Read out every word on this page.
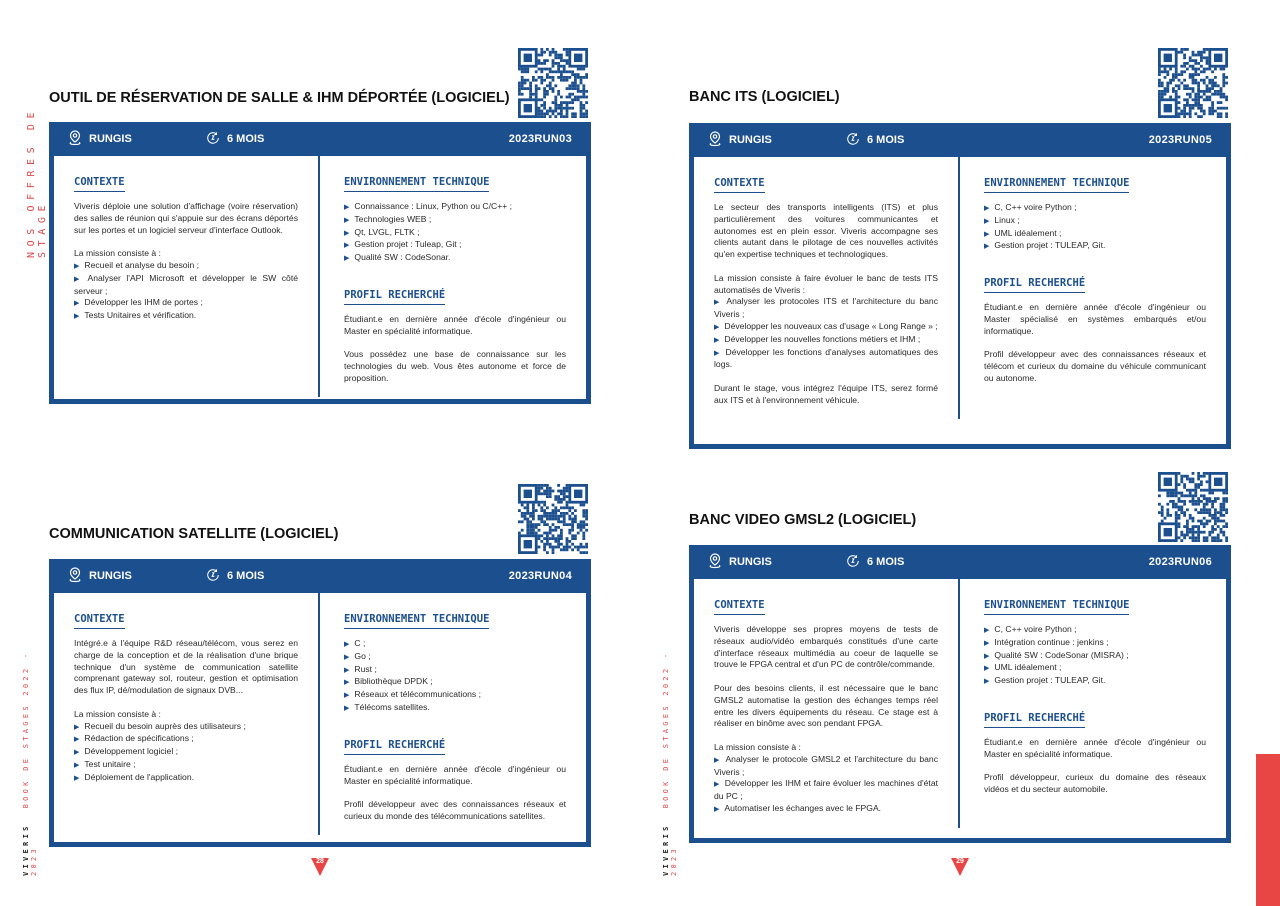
NOS OFFRES DE STAGE
VIVERIS  BOOK DE STAGES 2022 - 2023	VIVERIS  BOOK DE STAGES 2022 - 2023
OUTIL DE RÉSERVATION DE SALLE & IHM DÉPORTÉE (LOGICIEL)
RUNGIS	6 MOIS	2023RUN03
CONTEXTE

Viveris déploie une solution d'affichage (voire réservation) des salles de réunion qui s'appuie sur des écrans déportés sur les portes et un logiciel serveur d'interface Outlook.

La mission consiste à :
▶ Recueil et analyse du besoin ;
▶ Analyser l'API Microsoft et développer le SW côté serveur ;
▶ Développer les IHM de portes ;
▶ Tests Unitaires et vérification.

ENVIRONNEMENT TECHNIQUE
▶ Connaissance : Linux, Python ou C/C++ ;
▶ Technologies WEB ;
▶ Qt, LVGL, FLTK ;
▶ Gestion projet : Tuleap, Git ;
▶ Qualité SW : CodeSonar.
PROFIL RECHERCHÉ

Étudiant.e en dernière année d'école d'ingénieur ou Master en spécialité informatique.

Vous possédez une base de connaissance sur les technologies du web. Vous êtes autonome et force de proposition.

BANC ITS (LOGICIEL)
RUNGIS	6 MOIS	2023RUN05
CONTEXTE

Le secteur des transports intelligents (ITS) et plus particulièrement des voitures communicantes et autonomes est en plein essor. Viveris accompagne ses clients autant dans le pilotage de ces nouvelles activités qu'en expertise techniques et technologiques.

La mission consiste à faire évoluer le banc de tests ITS automatisés de Viveris :
▶ Analyser les protocoles ITS et l'architecture du banc Viveris ;
▶ Développer les nouveaux cas d'usage « Long Range » ;
▶ Développer les nouvelles fonctions métiers et IHM ;
▶ Développer les fonctions d'analyses automatiques des logs.

Durant le stage, vous intégrez l'équipe ITS, serez formé aux ITS et à l'environnement véhicule.

ENVIRONNEMENT TECHNIQUE
▶ C, C++ voire Python ;
▶ Linux ;
▶ UML idéalement ;
▶ Gestion projet : TULEAP, Git.
PROFIL RECHERCHÉ

Étudiant.e en dernière année d'école d'ingénieur ou Master spécialisé en systèmes embarqués et/ou informatique.

Profil développeur avec des connaissances réseaux et télécom et curieux du domaine du véhicule communicant ou autonome.

COMMUNICATION SATELLITE (LOGICIEL)
RUNGIS	6 MOIS	2023RUN04
CONTEXTE

Intégré.e à l'équipe R&D réseau/télécom, vous serez en charge de la conception et de la réalisation d'une brique technique d'un système de communication satellite comprenant gateway sol, routeur, gestion et optimisation des flux IP, dé/modulation de signaux DVB...

La mission consiste à :
▶ Recueil du besoin auprès des utilisateurs ;
▶ Rédaction de spécifications ;
▶ Développement logiciel ;
▶ Test unitaire ;
▶ Déploiement de l'application.

ENVIRONNEMENT TECHNIQUE
▶ C ;
▶ Go ;
▶ Rust ;
▶ Bibliothèque DPDK ;
▶ Réseaux et télécommunications ;
▶ Télécoms satellites.
PROFIL RECHERCHÉ

Étudiant.e en dernière année d'école d'ingénieur ou Master en spécialité informatique.

Profil développeur avec des connaissances réseaux et curieux du monde des télécommunications satellites.

BANC VIDEO GMSL2 (LOGICIEL)
RUNGIS	6 MOIS	2023RUN06
CONTEXTE

Viveris développe ses propres moyens de tests de réseaux audio/vidéo embarqués constitués d'une carte d'interface réseaux multimédia au coeur de laquelle se trouve le FPGA central et d'un PC de contrôle/commande.

Pour des besoins clients, il est nécessaire que le banc GMSL2 automatise la gestion des échanges temps réel entre les divers équipements du réseau. Ce stage est à réaliser en binôme avec son pendant FPGA.

La mission consiste à :
▶ Analyser le protocole GMSL2 et l'architecture du banc Viveris ;
▶ Développer les IHM et faire évoluer les machines d'état du PC ;
▶ Automatiser les échanges avec le FPGA.

ENVIRONNEMENT TECHNIQUE
▶ C, C++ voire Python ;
▶ Intégration continue : jenkins ;
▶ Qualité SW : CodeSonar (MISRA) ;
▶ UML idéalement ;
▶ Gestion projet : TULEAP, Git.
PROFIL RECHERCHÉ

Étudiant.e en dernière année d'école d'ingénieur ou Master en spécialité informatique.

Profil développeur, curieux du domaine des réseaux vidéos et du secteur automobile.

28	29
